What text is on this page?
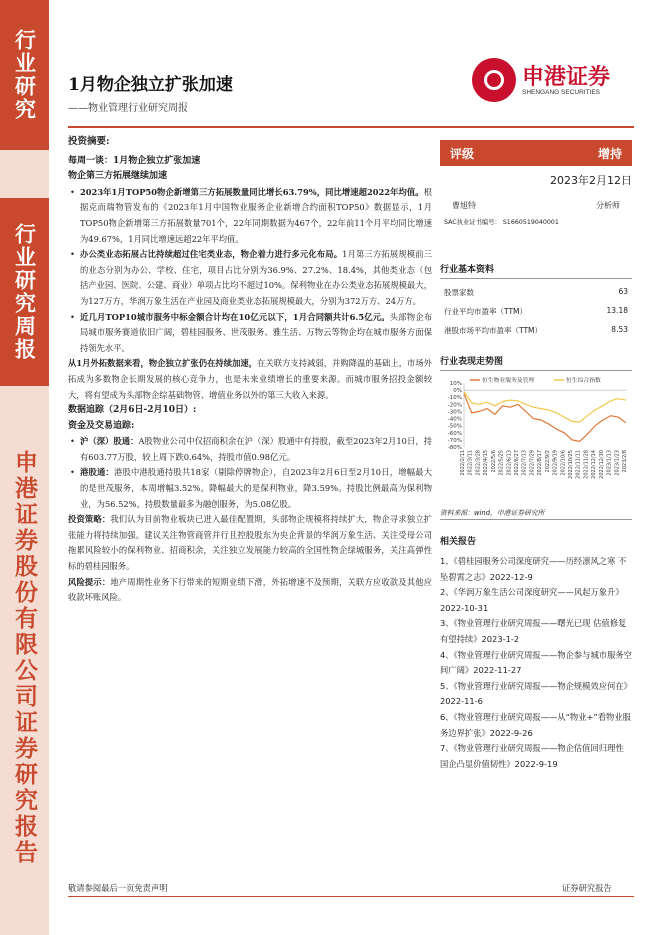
行业研究
行业研究周报
申港证券股份有限公司证券研究报告
1月物企独立扩张加速
——物业管理行业研究周报
申港证券
SHENGANG SECURITIES

投资摘要:

每周一谈：1月物企独立扩张加速

物企第三方拓展继续加速

• 2023年1月TOP50物企新增第三方拓展数量同比增长63.79%，同比增速超2022年均值。根据克而瑞物管发布的《2023年1月中国物业服务企业新增合约面积TOP50》数据显示，1月TOP50物企新增第三方拓展数量701个，22年同期数据为467个，22年前11个月平均同比增速为49.67%，1月同比增速远超22年平均值。

• 办公类业态拓展占比持续超过住宅类业态，物企着力进行多元化布局。1月第三方拓展规模前三的业态分别为办公、学校、住宅，项目占比分别为36.9%、27.2%、18.4%，其他类业态（包括产业园、医院、公建、商业）单项占比均不超过10%。保利物业在办公类业态拓展规模最大，为127万方，华润万象生活在产业园及商业类业态拓展规模最大，分别为372万方、24万方。

• 近几月TOP10城市服务中标金额合计均在10亿元以下，1月合同额共计6.5亿元。头部物企布局城市服务赛道依旧广阔，碧桂园服务、世茂服务、雅生活、万物云等物企均在城市服务方面保持领先水平。

从1月外拓数据来看，物企独立扩张仍在持续加速，在关联方支持减弱，并购降温的基础上，市场外拓成为多数物企长期发展的核心竞争力，也是未来业绩增长的重要来源。而城市服务招投金额较大，将有望成为头部物企综基础物管、增值业务以外的第三大收入来源。

数据追踪（2月6日-2月10日）:

资金及交易追踪:

• 沪（深）股通：A股物业公司中仅招商积余在沪（深）股通中有持股，截至2023年2月10日，持有603.77万股，较上周下跌0.64%，持股市值0.98亿元。

• 港股通：港股中港股通持股共18家（剔除停牌物企），自2023年2月6日至2月10日，增幅最大的是世茂服务，本周增幅3.52%。降幅最大的是保利物业，降3.59%。持股比例最高为保利物业，为56.52%。持股数量最多为融创服务，为5.08亿股。

投资策略：我们认为目前物业板块已进入最佳配置期，头部物企规模将持续扩大，物企寻求独立扩张能力将持续加强。建议关注物管商管并行且控股股东为央企背景的华润万象生活、关注受母公司拖累风险较小的保利物业、招商积余，关注独立发展能力较高的全国性物企绿城服务，关注高弹性标的碧桂园服务。

风险提示：地产周期性业务下行带来的短期业绩下滑，外拓增速不及预期，关联方应收款及其他应收款坏账风险。

评级	增持
2023年2月12日
曹旭特	分析师
SAC执业证书编号： S1660519040001
行业基本资料
股票家数	63
行业平均市盈率（TTM）	13.18
港股市场平均市盈率（TTM）	8.53
行业表现走势图
10%
0%
-10%
-20%
-30%
-40%
-50%
-60%
-70%
-80%
2022/2/11 2022/3/11 2022/3/28 2022/4/15 2022/5/6 2022/5/25 2022/6/13 2022/6/27 2022/7/13 2022/7/29 2022/8/17 2022/9/2 2022/9/19 2022/10/6 2022/10/25 2022/11/11 2022/11/28 2022/12/14 2022/12/30 2023/1/13 2023/1/23 2023/2/8
恒生物业服务及管理	恒生综合指数
资料来源：wind，申港证券研究所
相关报告
1、《碧桂园服务公司深度研究——历经凛风之寒 不坠碧霄之志》2022-12-9
2、《华润万象生活公司深度研究——风起万象升》2022-10-31
3、《物业管理行业研究周报——曙光已现 估值修复有望持续》2023-1-2
4、《物业管理行业研究周报——物企参与城市服务空间广阔》2022-11-27
5、《物业管理行业研究周报——物企规模效应何在》2022-11-6
6、《物业管理行业研究周报——从“物业+”看物业服务边界扩张》2022-9-26
7、《物业管理行业研究周报——物企估值回归理性 国企凸显价值韧性》2022-9-19
敬请参阅最后一页免责声明	证券研究报告
